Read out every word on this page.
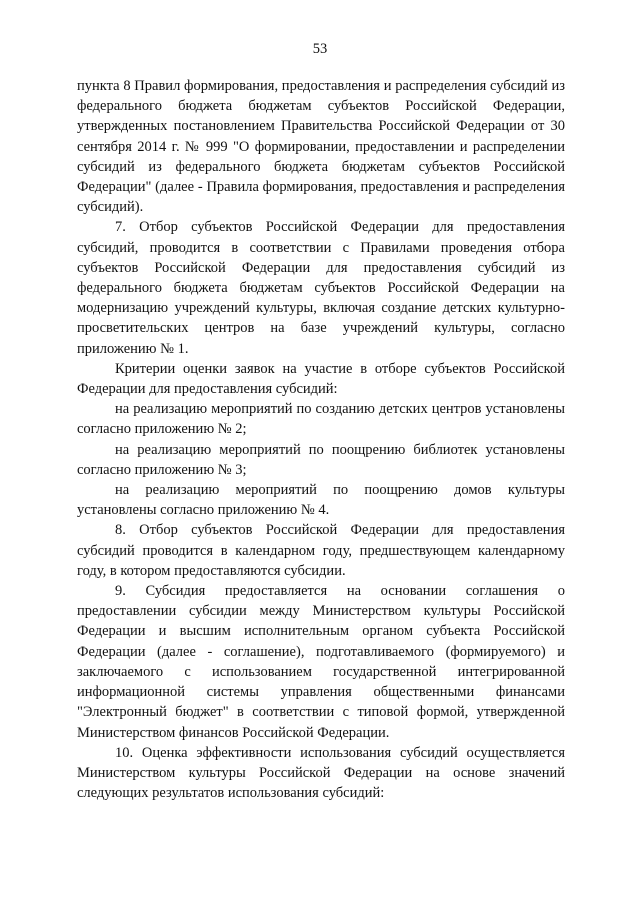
53

пункта 8 Правил формирования, предоставления и распределения субсидий из федерального бюджета бюджетам субъектов Российской Федерации, утвержденных постановлением Правительства Российской Федерации от 30 сентября 2014 г. № 999 "О формировании, предоставлении и распределении субсидий из федерального бюджета бюджетам субъектов Российской Федерации" (далее - Правила формирования, предоставления и распределения субсидий).

7. Отбор субъектов Российской Федерации для предоставления субсидий, проводится в соответствии с Правилами проведения отбора субъектов Российской Федерации для предоставления субсидий из федерального бюджета бюджетам субъектов Российской Федерации на модернизацию учреждений культуры, включая создание детских культурно-просветительских центров на базе учреждений культуры, согласно приложению № 1.

Критерии оценки заявок на участие в отборе субъектов Российской Федерации для предоставления субсидий:

на реализацию мероприятий по созданию детских центров установлены согласно приложению № 2;

на реализацию мероприятий по поощрению библиотек установлены согласно приложению № 3;

на реализацию мероприятий по поощрению домов культуры установлены согласно приложению № 4.

8. Отбор субъектов Российской Федерации для предоставления субсидий проводится в календарном году, предшествующем календарному году, в котором предоставляются субсидии.

9. Субсидия предоставляется на основании соглашения о предоставлении субсидии между Министерством культуры Российской Федерации и высшим исполнительным органом субъекта Российской Федерации (далее - соглашение), подготавливаемого (формируемого) и заключаемого с использованием государственной интегрированной информационной системы управления общественными финансами "Электронный бюджет" в соответствии с типовой формой, утвержденной Министерством финансов Российской Федерации.

10. Оценка эффективности использования субсидий осуществляется Министерством культуры Российской Федерации на основе значений следующих результатов использования субсидий:
